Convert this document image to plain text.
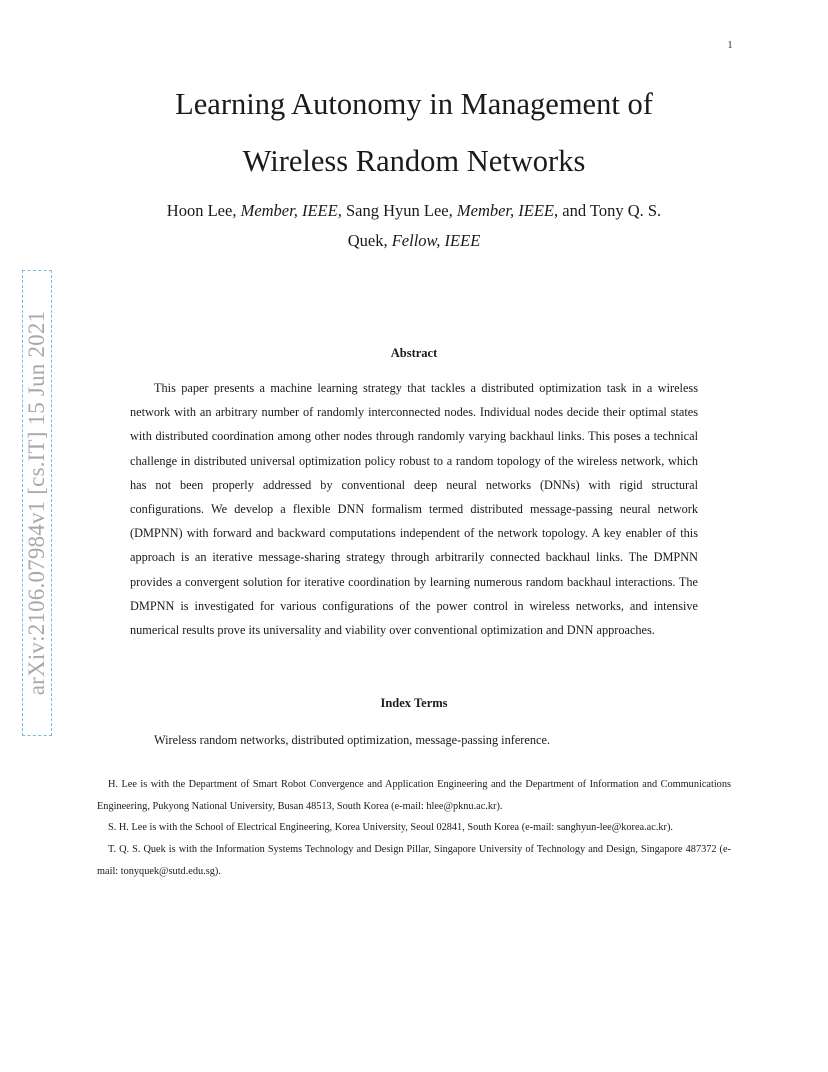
1
arXiv:2106.07984v1 [cs.IT] 15 Jun 2021
Learning Autonomy in Management of
Wireless Random Networks
Hoon Lee, Member, IEEE, Sang Hyun Lee, Member, IEEE, and Tony Q. S.
Quek, Fellow, IEEE
Abstract

This paper presents a machine learning strategy that tackles a distributed optimization task in a wireless network with an arbitrary number of randomly interconnected nodes. Individual nodes decide their optimal states with distributed coordination among other nodes through randomly varying backhaul links. This poses a technical challenge in distributed universal optimization policy robust to a random topology of the wireless network, which has not been properly addressed by conventional deep neural networks (DNNs) with rigid structural configurations. We develop a flexible DNN formalism termed distributed message-passing neural network (DMPNN) with forward and backward computations independent of the network topology. A key enabler of this approach is an iterative message-sharing strategy through arbitrarily connected backhaul links. The DMPNN provides a convergent solution for iterative coordination by learning numerous random backhaul interactions. The DMPNN is investigated for various configurations of the power control in wireless networks, and intensive numerical results prove its universality and viability over conventional optimization and DNN approaches.

Index Terms

Wireless random networks, distributed optimization, message-passing inference.

H. Lee is with the Department of Smart Robot Convergence and Application Engineering and the Department of Information and Communications Engineering, Pukyong National University, Busan 48513, South Korea (e-mail: hlee@pknu.ac.kr).

S. H. Lee is with the School of Electrical Engineering, Korea University, Seoul 02841, South Korea (e-mail: sanghyun-lee@korea.ac.kr).

T. Q. S. Quek is with the Information Systems Technology and Design Pillar, Singapore University of Technology and Design, Singapore 487372 (e-mail: tonyquek@sutd.edu.sg).
